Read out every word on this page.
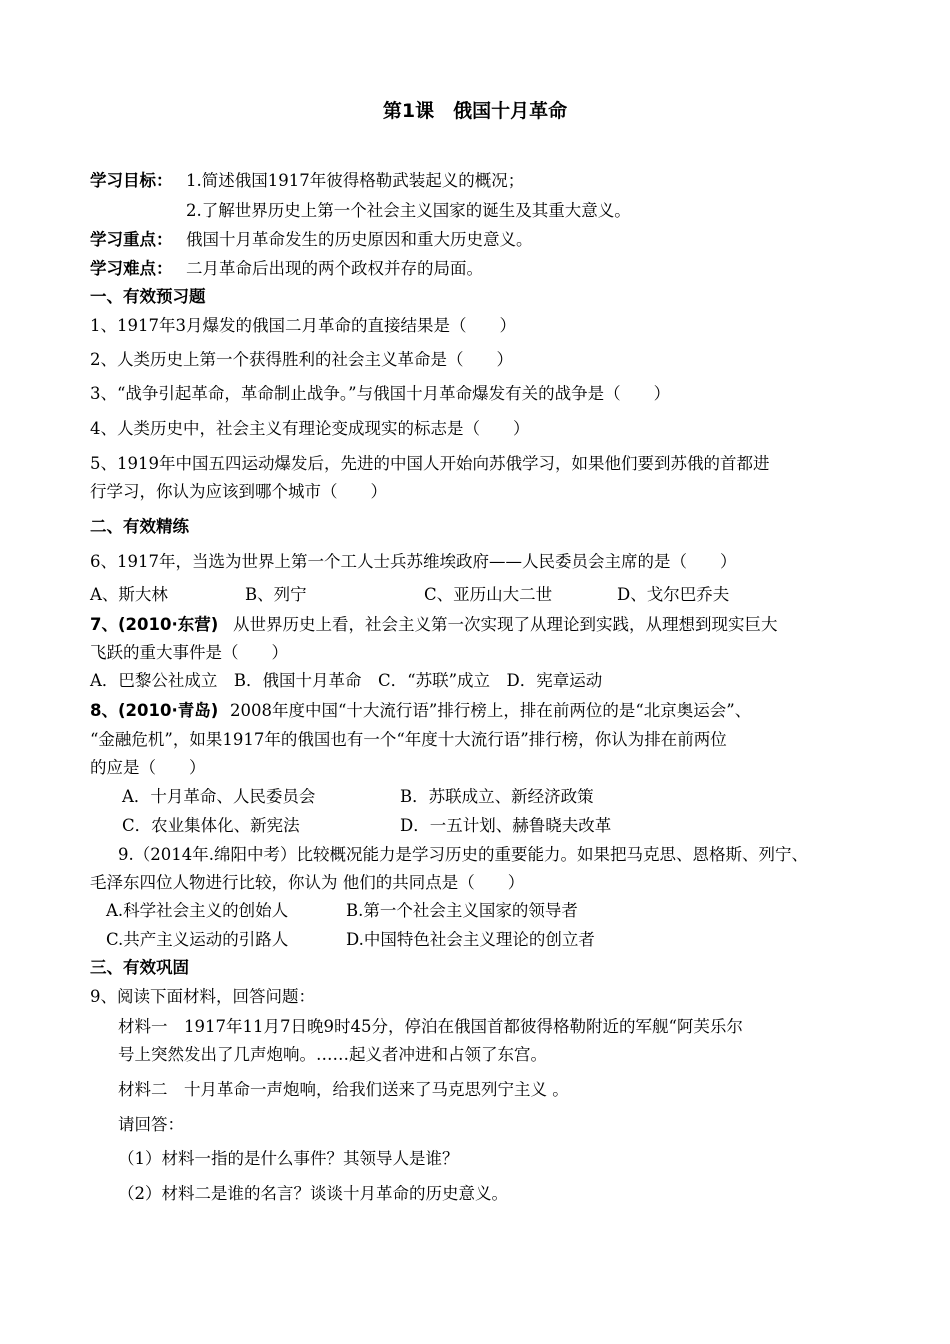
第1课　俄国十月革命
学习目标： 1.简述俄国1917年彼得格勒武装起义的概况；
2.了解世界历史上第一个社会主义国家的诞生及其重大意义。
学习重点： 俄国十月革命发生的历史原因和重大历史意义。
学习难点： 二月革命后出现的两个政权并存的局面。
一、有效预习题
1、1917年3月爆发的俄国二月革命的直接结果是（　　）
2、人类历史上第一个获得胜利的社会主义革命是（　　）
3、“战争引起革命，革命制止战争。”与俄国十月革命爆发有关的战争是（　　）
4、人类历史中，社会主义有理论变成现实的标志是（　　）
5、1919年中国五四运动爆发后，先进的中国人开始向苏俄学习，如果他们要到苏俄的首都进
行学习，你认为应该到哪个城市（　　）
二、有效精练
6、1917年，当选为世界上第一个工人士兵苏维埃政府——人民委员会主席的是（　　）
A、斯大林	B、列宁	C、亚历山大二世	D、戈尔巴乔夫
7、(2010·东营) 从世界历史上看，社会主义第一次实现了从理论到实践，从理想到现实巨大
飞跃的重大事件是（　　）
A．巴黎公社成立　B．俄国十月革命　C．“苏联”成立　D．宪章运动
8、(2010·青岛) 2008年度中国“十大流行语”排行榜上，排在前两位的是“北京奥运会”、
“金融危机”，如果1917年的俄国也有一个“年度十大流行语”排行榜，你认为排在前两位
的应是（　　）
A．十月革命、人民委员会	B．苏联成立、新经济政策
C．农业集体化、新宪法	D．一五计划、赫鲁晓夫改革
9.（2014年.绵阳中考）比较概况能力是学习历史的重要能力。如果把马克思、恩格斯、列宁、
毛泽东四位人物进行比较，你认为 他们的共同点是（　　）
A.科学社会主义的创始人	B.第一个社会主义国家的领导者
C.共产主义运动的引路人	D.中国特色社会主义理论的创立者
三、有效巩固
9、阅读下面材料，回答问题：
材料一　1917年11月7日晚9时45分，停泊在俄国首都彼得格勒附近的军舰“阿芙乐尔
号上突然发出了几声炮响。……起义者冲进和占领了东宫。
材料二　十月革命一声炮响，给我们送来了马克思列宁主义 。
请回答：
（1）材料一指的是什么事件？其领导人是谁？
（2）材料二是谁的名言？谈谈十月革命的历史意义。
